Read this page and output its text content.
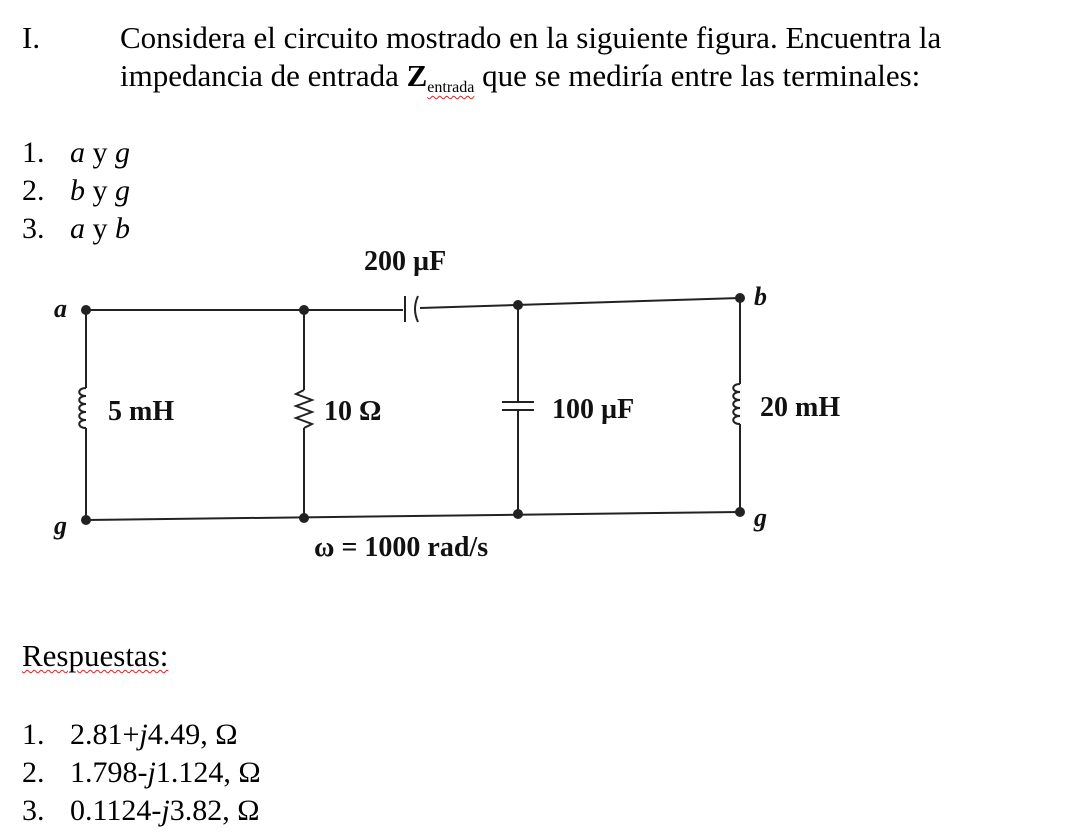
I.	Considera el circuito mostrado en la siguiente figura. Encuentra la
impedancia de entrada $Z_{entrada}$ que se mediría entre las terminales:
1. a y g
2. b y g
3. a y b
a	b
g	g
200 µF
5 mH	10 Ω	100 µF	20 mH
ω = 1000 rad/s
Respuestas:
1. 2.81+j4.49, Ω
2. 1.798-j1.124, Ω
3. 0.1124-j3.82, Ω
